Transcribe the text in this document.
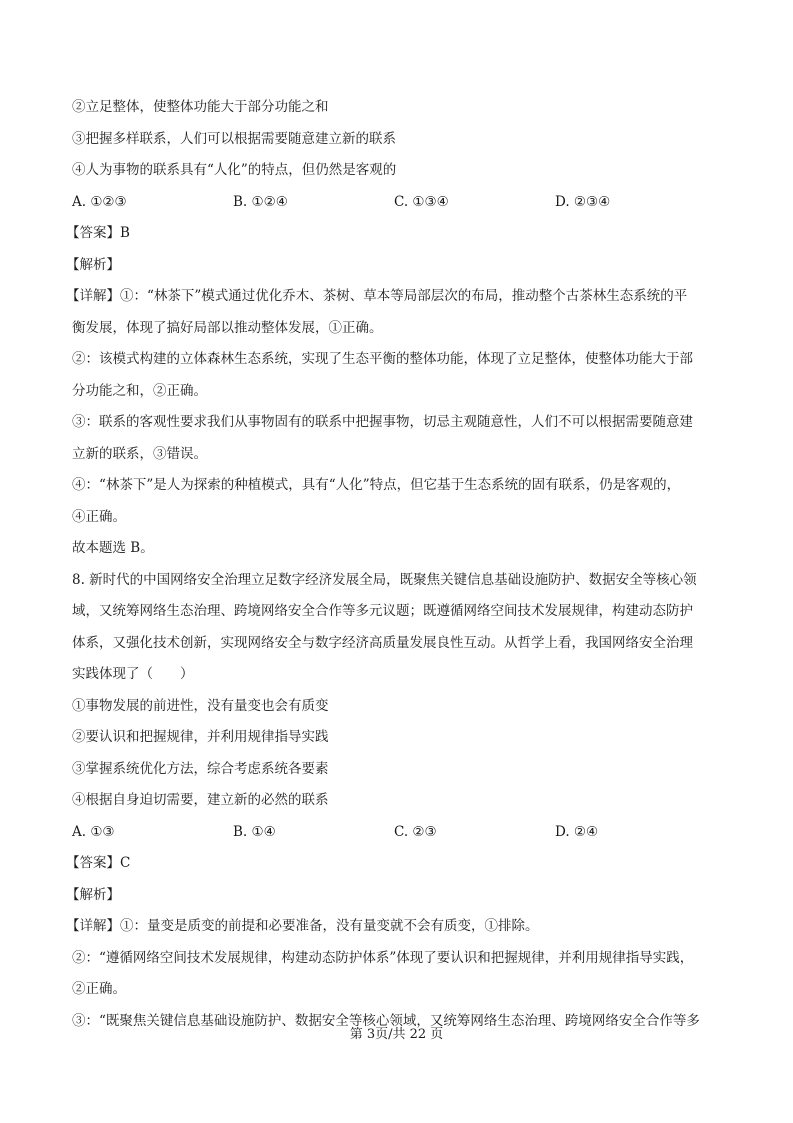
②立足整体，使整体功能大于部分功能之和
③把握多样联系，人们可以根据需要随意建立新的联系
④人为事物的联系具有“人化”的特点，但仍然是客观的
A. ①②③	B. ①②④	C. ①③④	D. ②③④
【答案】B
【解析】
【详解】①：“林茶下”模式通过优化乔木、茶树、草本等局部层次的布局，推动整个古茶林生态系统的平
衡发展，体现了搞好局部以推动整体发展，①正确。
②：该模式构建的立体森林生态系统，实现了生态平衡的整体功能，体现了立足整体，使整体功能大于部
分功能之和，②正确。
③：联系的客观性要求我们从事物固有的联系中把握事物，切忌主观随意性，人们不可以根据需要随意建
立新的联系，③错误。
④：“林茶下”是人为探索的种植模式，具有“人化”特点，但它基于生态系统的固有联系，仍是客观的，
④正确。
故本题选 B。
8. 新时代的中国网络安全治理立足数字经济发展全局，既聚焦关键信息基础设施防护、数据安全等核心领
域，又统筹网络生态治理、跨境网络安全合作等多元议题；既遵循网络空间技术发展规律，构建动态防护
体系，又强化技术创新，实现网络安全与数字经济高质量发展良性互动。从哲学上看，我国网络安全治理
实践体现了（　　）
①事物发展的前进性，没有量变也会有质变
②要认识和把握规律，并利用规律指导实践
③掌握系统优化方法，综合考虑系统各要素
④根据自身迫切需要，建立新的必然的联系
A. ①③	B. ①④	C. ②③	D. ②④
【答案】C
【解析】
【详解】①：量变是质变的前提和必要准备，没有量变就不会有质变，①排除。
②：“遵循网络空间技术发展规律，构建动态防护体系”体现了要认识和把握规律，并利用规律指导实践，
②正确。
③：“既聚焦关键信息基础设施防护、数据安全等核心领域，又统筹网络生态治理、跨境网络安全合作等多
第 3页/共 22 页
